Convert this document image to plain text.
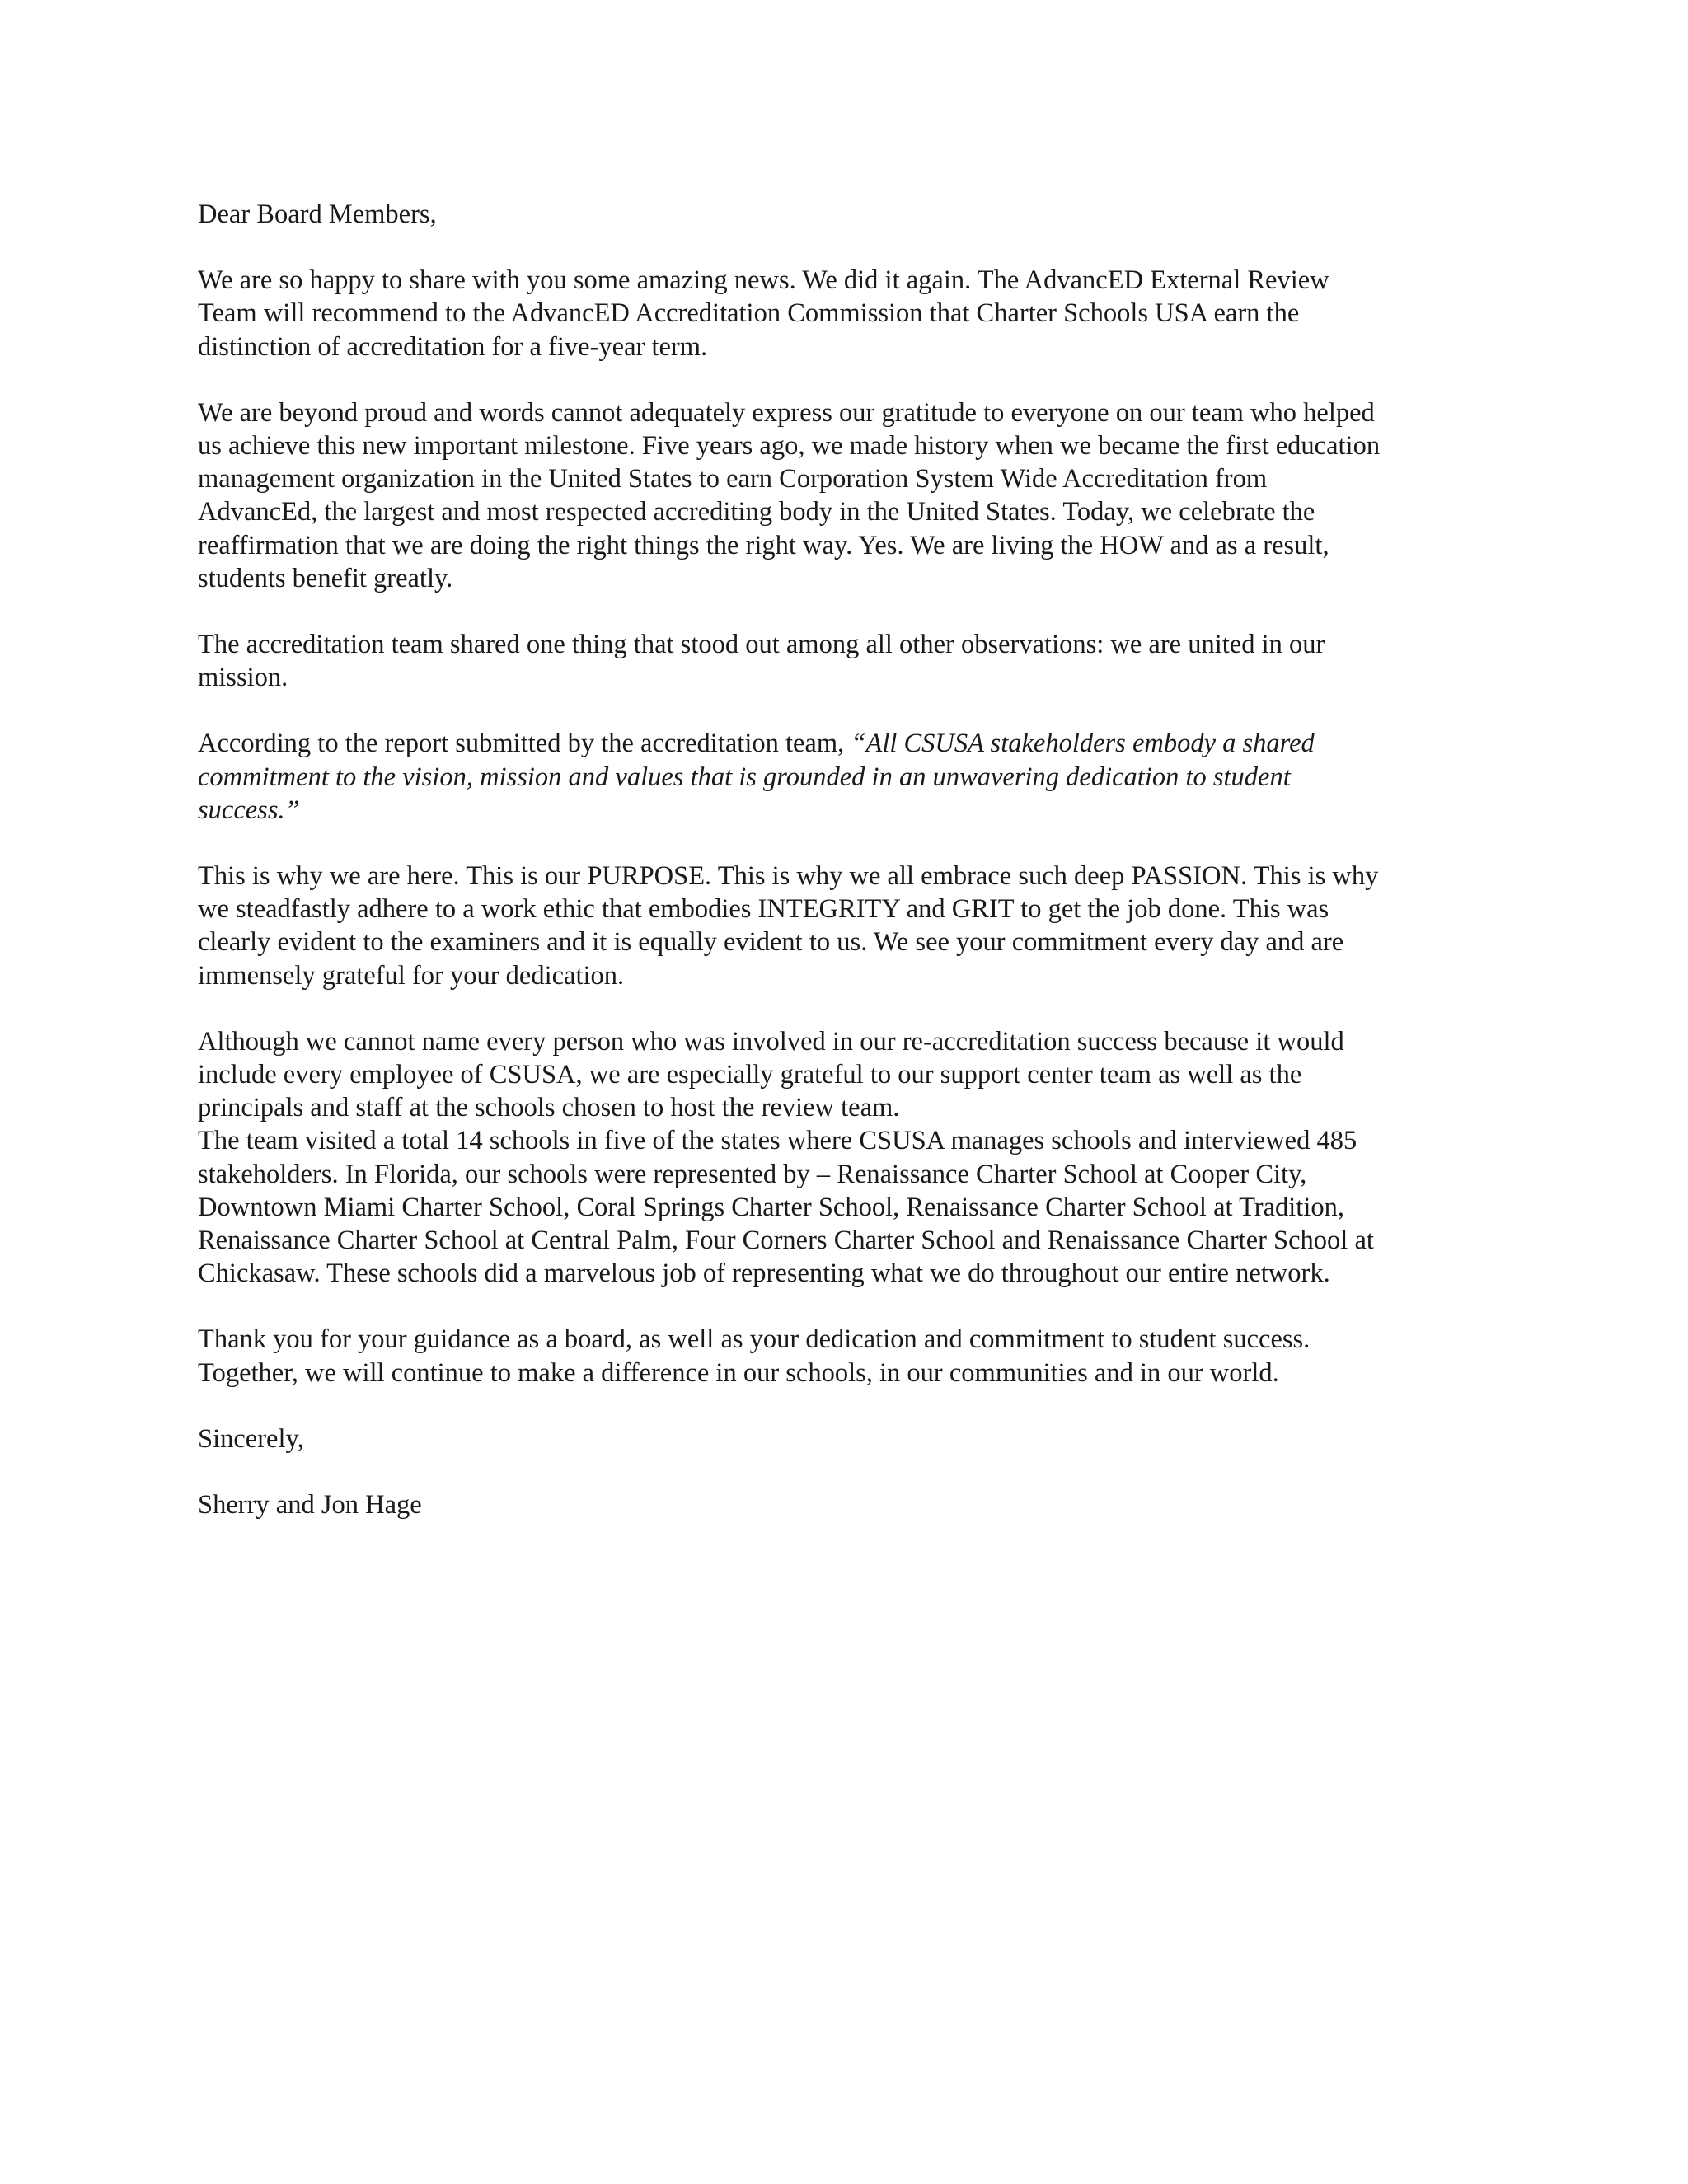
Dear Board Members,

We are so happy to share with you some amazing news. We did it again. The AdvancED External Review
Team will recommend to the AdvancED Accreditation Commission that Charter Schools USA earn the
distinction of accreditation for a five-year term.

We are beyond proud and words cannot adequately express our gratitude to everyone on our team who helped
us achieve this new important milestone. Five years ago, we made history when we became the first education
management organization in the United States to earn Corporation System Wide Accreditation from
AdvancEd, the largest and most respected accrediting body in the United States. Today, we celebrate the
reaffirmation that we are doing the right things the right way. Yes. We are living the HOW and as a result,
students benefit greatly.

The accreditation team shared one thing that stood out among all other observations: we are united in our
mission.

According to the report submitted by the accreditation team, “All CSUSA stakeholders embody a shared
commitment to the vision, mission and values that is grounded in an unwavering dedication to student
success.”

This is why we are here. This is our PURPOSE. This is why we all embrace such deep PASSION. This is why
we steadfastly adhere to a work ethic that embodies INTEGRITY and GRIT to get the job done. This was
clearly evident to the examiners and it is equally evident to us. We see your commitment every day and are
immensely grateful for your dedication.

Although we cannot name every person who was involved in our re-accreditation success because it would
include every employee of CSUSA, we are especially grateful to our support center team as well as the
principals and staff at the schools chosen to host the review team.

The team visited a total 14 schools in five of the states where CSUSA manages schools and interviewed 485
stakeholders. In Florida, our schools were represented by – Renaissance Charter School at Cooper City,
Downtown Miami Charter School, Coral Springs Charter School, Renaissance Charter School at Tradition,
Renaissance Charter School at Central Palm, Four Corners Charter School and Renaissance Charter School at
Chickasaw. These schools did a marvelous job of representing what we do throughout our entire network.

Thank you for your guidance as a board, as well as your dedication and commitment to student success.
Together, we will continue to make a difference in our schools, in our communities and in our world.

Sincerely,

Sherry and Jon Hage
